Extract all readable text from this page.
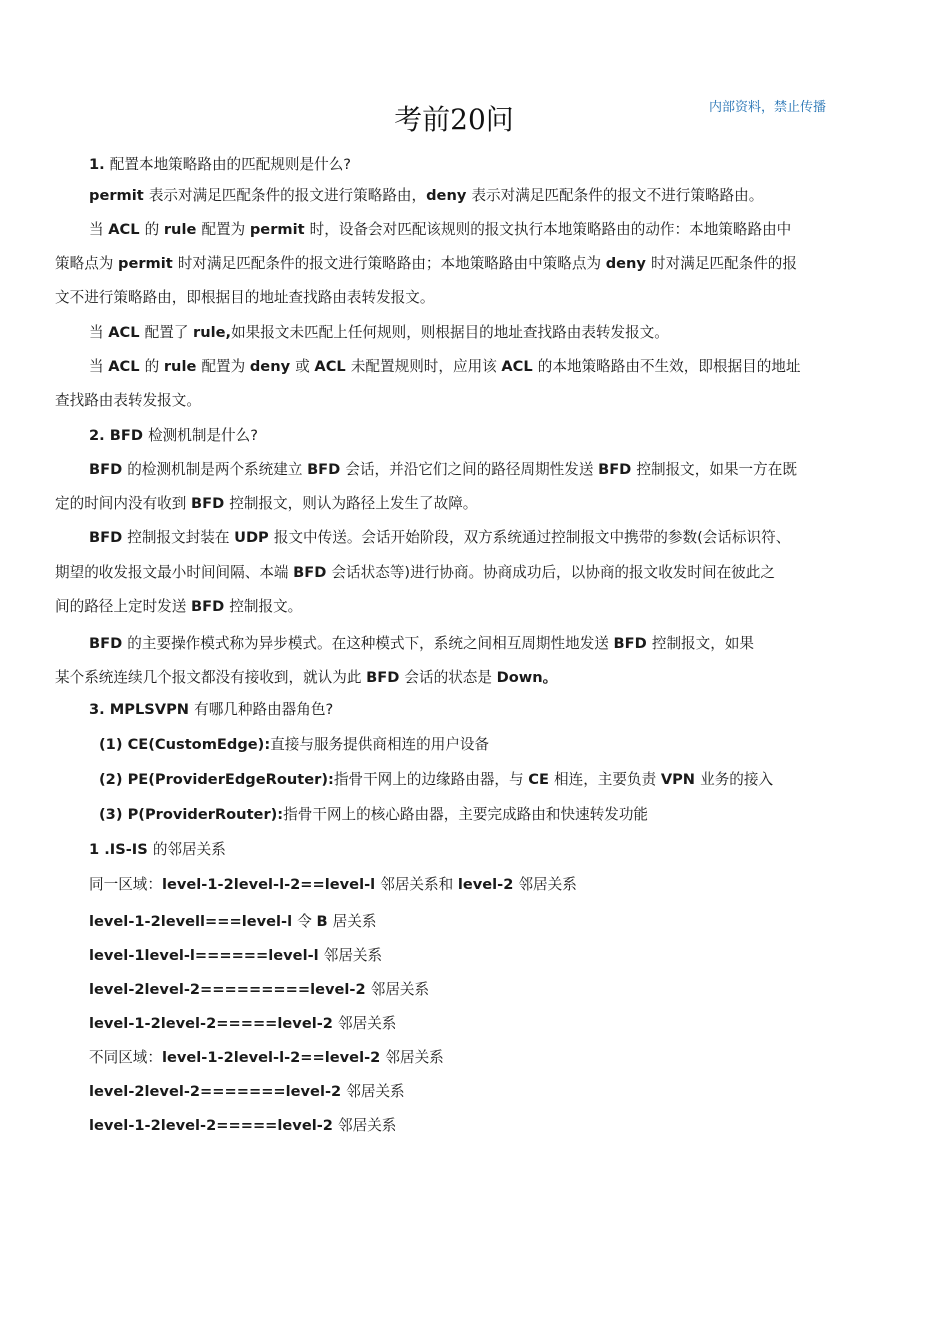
内部资料，禁止传播
考前20问
1. 配置本地策略路由的匹配规则是什么?
permit 表示对满足匹配条件的报文进行策略路由，deny 表示对满足匹配条件的报文不进行策略路由。
当 ACL 的 rule 配置为 permit 时，设备会对匹配该规则的报文执行本地策略路由的动作：本地策略路由中
策略点为 permit 时对满足匹配条件的报文进行策略路由；本地策略路由中策略点为 deny 时对满足匹配条件的报
文不进行策略路由，即根据目的地址查找路由表转发报文。
当 ACL 配置了 rule,如果报文未匹配上任何规则，则根据目的地址查找路由表转发报文。
当 ACL 的 rule 配置为 deny 或 ACL 未配置规则时，应用该 ACL 的本地策略路由不生效，即根据目的地址
查找路由表转发报文。
2. BFD 检测机制是什么?
BFD 的检测机制是两个系统建立 BFD 会话，并沿它们之间的路径周期性发送 BFD 控制报文，如果一方在既
定的时间内没有收到 BFD 控制报文，则认为路径上发生了故障。
BFD 控制报文封装在 UDP 报文中传送。会话开始阶段，双方系统通过控制报文中携带的参数(会话标识符、
期望的收发报文最小时间间隔、本端 BFD 会话状态等)进行协商。协商成功后，以协商的报文收发时间在彼此之
间的路径上定时发送 BFD 控制报文。
BFD 的主要操作模式称为异步模式。在这种模式下，系统之间相互周期性地发送 BFD 控制报文，如果
某个系统连续几个报文都没有接收到，就认为此 BFD 会话的状态是 Down。
3. MPLSVPN 有哪几种路由器角色?
(1) CE(CustomEdge):直接与服务提供商相连的用户设备
(2) PE(ProviderEdgeRouter):指骨干网上的边缘路由器，与 CE 相连，主要负责 VPN 业务的接入
(3) P(ProviderRouter):指骨干网上的核心路由器，主要完成路由和快速转发功能
1 .IS-IS 的邻居关系
同一区域：level-1-2level-l-2==level-l 邻居关系和 level-2 邻居关系
level-1-2levell===level-l 令 B 居关系
level-1level-l======level-l 邻居关系
level-2level-2=========level-2 邻居关系
level-1-2level-2=====level-2 邻居关系
不同区域：level-1-2level-l-2==level-2 邻居关系
level-2level-2=======level-2 邻居关系
level-1-2level-2=====level-2 邻居关系
